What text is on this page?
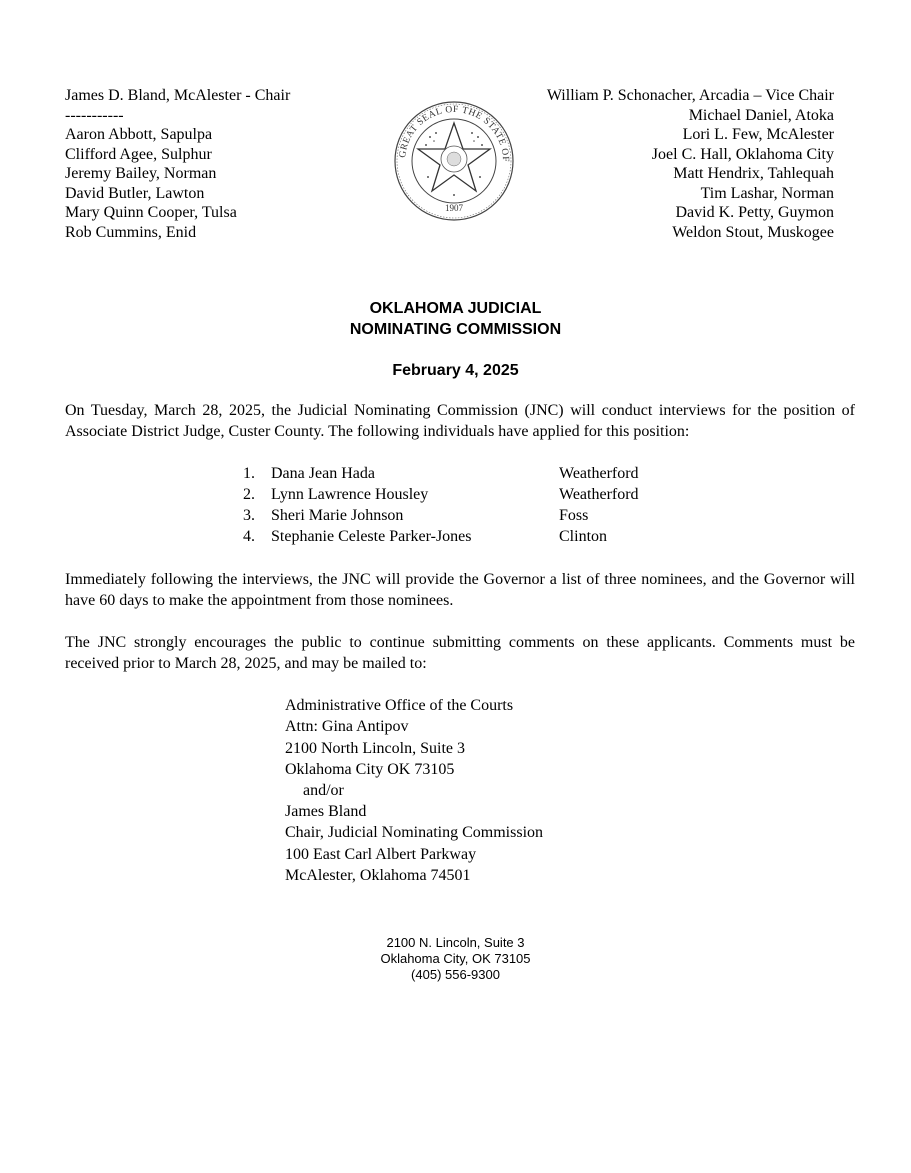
James D. Bland, McAlester - Chair
-----------
Aaron Abbott, Sapulpa
Clifford Agee, Sulphur
Jeremy Bailey, Norman
David Butler, Lawton
Mary Quinn Cooper, Tulsa
Rob Cummins, Enid
GREAT SEAL OF THE STATE OF
1907
William P. Schonacher, Arcadia – Vice Chair
Michael Daniel, Atoka
Lori L. Few, McAlester
Joel C. Hall, Oklahoma City
Matt Hendrix, Tahlequah
Tim Lashar, Norman
David K. Petty, Guymon
Weldon Stout, Muskogee
OKLAHOMA JUDICIAL
NOMINATING COMMISSION
February 4, 2025

On Tuesday, March 28, 2025, the Judicial Nominating Commission (JNC) will conduct interviews for the position of Associate District Judge, Custer County. The following individuals have applied for this position:

1.	Dana Jean Hada	Weatherford
2.	Lynn Lawrence Housley	Weatherford
3.	Sheri Marie Johnson	Foss
4.	Stephanie Celeste Parker-Jones	Clinton

Immediately following the interviews, the JNC will provide the Governor a list of three nominees, and the Governor will have 60 days to make the appointment from those nominees.

The JNC strongly encourages the public to continue submitting comments on these applicants. Comments must be received prior to March 28, 2025, and may be mailed to:

Administrative Office of the Courts
Attn: Gina Antipov
2100 North Lincoln, Suite 3
Oklahoma City OK 73105
and/or
James Bland
Chair, Judicial Nominating Commission
100 East Carl Albert Parkway
McAlester, Oklahoma 74501
2100 N. Lincoln, Suite 3
Oklahoma City, OK 73105
(405) 556-9300
